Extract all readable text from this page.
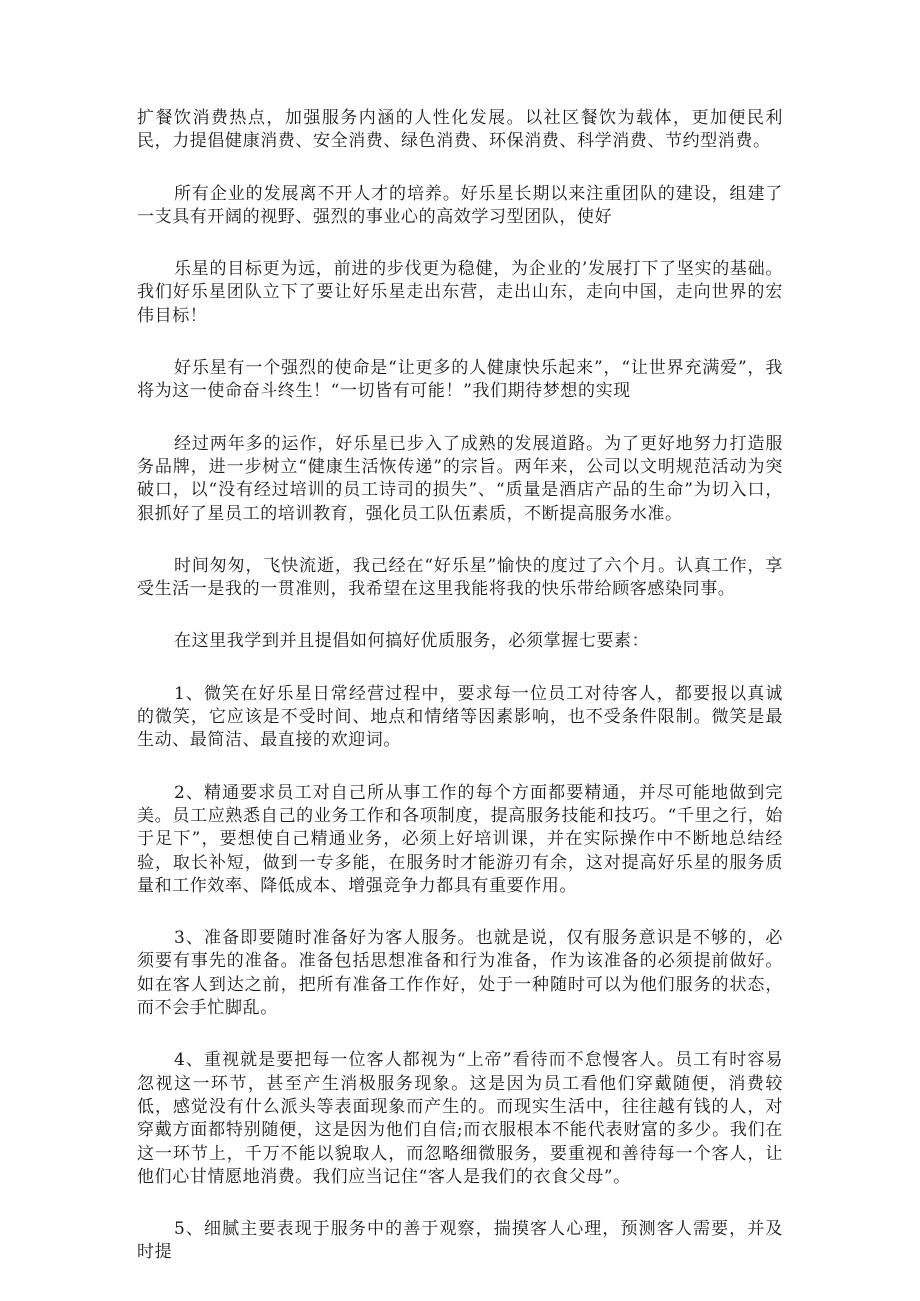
扩餐饮消费热点，加强服务内涵的人性化发展。以社区餐饮为载体，更加便民利民，力提倡健康消费、安全消费、绿色消费、环保消费、科学消费、节约型消费。

所有企业的发展离不开人才的培养。好乐星长期以来注重团队的建设，组建了一支具有开阔的视野、强烈的事业心的高效学习型团队，使好

乐星的目标更为远，前进的步伐更为稳健，为企业的’发展打下了坚实的基础。我们好乐星团队立下了要让好乐星走出东营，走出山东，走向中国，走向世界的宏伟目标！

好乐星有一个强烈的使命是“让更多的人健康快乐起来”，“让世界充满爱”，我将为这一使命奋斗终生！“一切皆有可能！”我们期待梦想的实现

经过两年多的运作，好乐星已步入了成熟的发展道路。为了更好地努力打造服务品牌，进一步树立“健康生活恢传递”的宗旨。两年来，公司以文明规范活动为突破口，以“没有经过培训的员工诗司的损失”、“质量是酒店产品的生命”为切入口，狠抓好了星员工的培训教育，强化员工队伍素质，不断提高服务水准。

时间匆匆，飞快流逝，我己经在“好乐星”愉快的度过了六个月。认真工作，享受生活一是我的一贯准则，我希望在这里我能将我的快乐带给顾客感染同事。

在这里我学到并且提倡如何搞好优质服务，必须掌握七要素：

1、微笑在好乐星日常经营过程中，要求每一位员工对待客人，都要报以真诚的微笑，它应该是不受时间、地点和情绪等因素影响，也不受条件限制。微笑是最生动、最简洁、最直接的欢迎词。

2、精通要求员工对自己所从事工作的每个方面都要精通，并尽可能地做到完美。员工应熟悉自己的业务工作和各项制度，提高服务技能和技巧。“千里之行，始于足下”，要想使自己精通业务，必须上好培训课，并在实际操作中不断地总结经验，取长补短，做到一专多能，在服务时才能游刃有余，这对提高好乐星的服务质量和工作效率、降低成本、增强竞争力都具有重要作用。

3、准备即要随时准备好为客人服务。也就是说，仅有服务意识是不够的，必须要有事先的准备。准备包括思想准备和行为准备，作为该准备的必须提前做好。如在客人到达之前，把所有准备工作作好，处于一种随时可以为他们服务的状态，而不会手忙脚乱。

4、重视就是要把每一位客人都视为“上帝”看待而不怠慢客人。员工有时容易忽视这一环节，甚至产生消极服务现象。这是因为员工看他们穿戴随便，消费较低，感觉没有什么派头等表面现象而产生的。而现实生活中，往往越有钱的人，对穿戴方面都特别随便，这是因为他们自信;而衣服根本不能代表财富的多少。我们在这一环节上，千万不能以貌取人，而忽略细微服务，要重视和善待每一个客人，让他们心甘情愿地消费。我们应当记住“客人是我们的衣食父母”。

5、细腻主要表现于服务中的善于观察，揣摸客人心理，预测客人需要，并及时提
